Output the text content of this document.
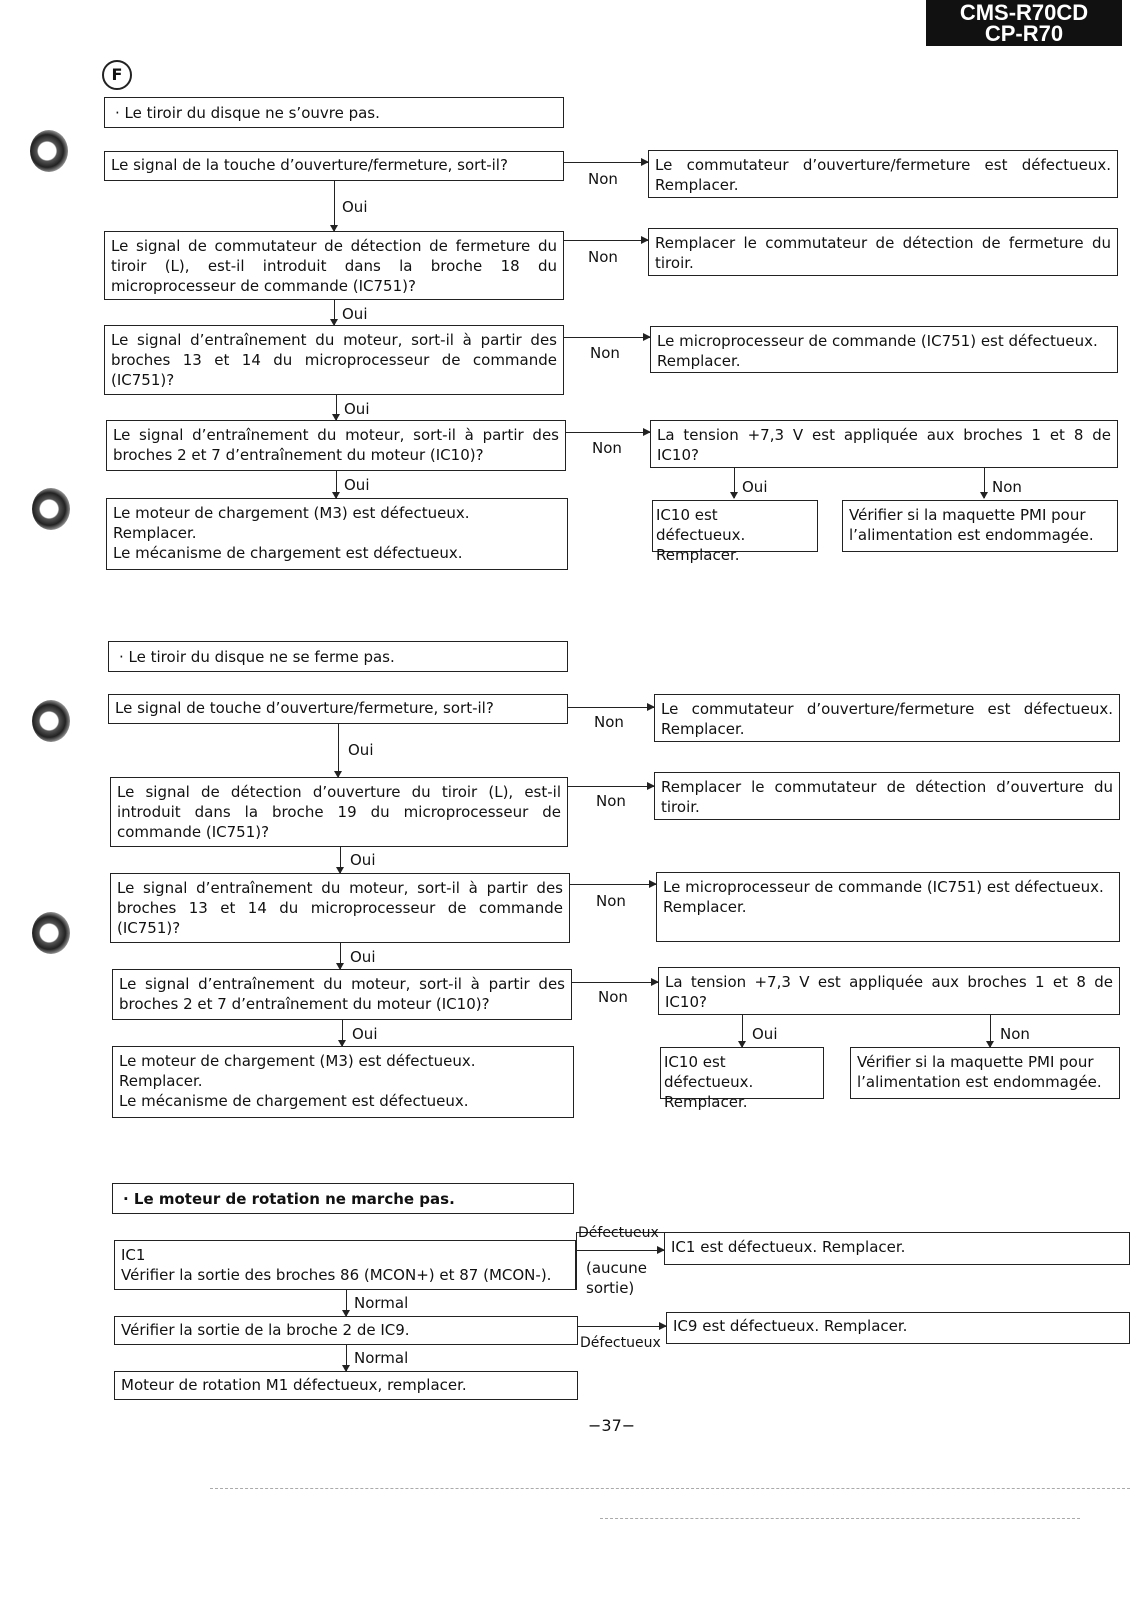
CMS-R70CD
CP-R70
F
· Le tiroir du disque ne s’ouvre pas.
Le signal de la touche d’ouverture/fermeture, sort-il?
Non
Le commutateur d’ouverture/fermeture est défectueux. Remplacer.
Oui
Le signal de commutateur de détection de fermeture du tiroir (L), est-il introduit dans la broche 18 du microprocesseur de commande (IC751)?
Non
Remplacer le commutateur de détection de fermeture du tiroir.
Oui
Le signal d’entraînement du moteur, sort-il à partir des broches 13 et 14 du microprocesseur de commande (IC751)?
Non
Le microprocesseur de commande (IC751) est défectueux. Remplacer.
Oui
Le signal d’entraînement du moteur, sort-il à partir des broches 2 et 7 d’entraînement du moteur (IC10)?	Non
La tension +7,3 V est appliquée aux broches 1 et 8 de IC10?
Oui	Oui	Non
Le moteur de chargement (M3) est défectueux.
Remplacer.
Le mécanisme de chargement est défectueux.
IC10 est défectueux.
Remplacer.
Vérifier si la maquette PMI pour l’alimentation est endommagée.
· Le tiroir du disque ne se ferme pas.
Le signal de touche d’ouverture/fermeture, sort-il?
Non
Le commutateur d’ouverture/fermeture est défectueux. Remplacer.
Oui
Le signal de détection d’ouverture du tiroir (L), est-il introduit dans la broche 19 du microprocesseur de commande (IC751)?
Non
Remplacer le commutateur de détection d’ouverture du tiroir.
Oui
Le signal d’entraînement du moteur, sort-il à partir des broches 13 et 14 du microprocesseur de commande (IC751)?
Non
Le microprocesseur de commande (IC751) est défectueux.
Remplacer.
Oui
Le signal d’entraînement du moteur, sort-il à partir des broches 2 et 7 d’entraînement du moteur (IC10)?	Non
La tension +7,3 V est appliquée aux broches 1 et 8 de IC10?
Oui	Oui	Non
Le moteur de chargement (M3) est défectueux.
Remplacer.
Le mécanisme de chargement est défectueux.
IC10 est défectueux.
Remplacer.
Vérifier si la maquette PMI pour l’alimentation est endommagée.
· Le moteur de rotation ne marche pas.
IC1
Vérifier la sortie des broches 86 (MCON+) et 87 (MCON-).
Défectueux
(aucune
sortie)
IC1 est défectueux. Remplacer.
Normal
Vérifier la sortie de la broche 2 de IC9.
Défectueux
IC9 est défectueux. Remplacer.
Normal
Moteur de rotation M1 défectueux, remplacer.
−37−
